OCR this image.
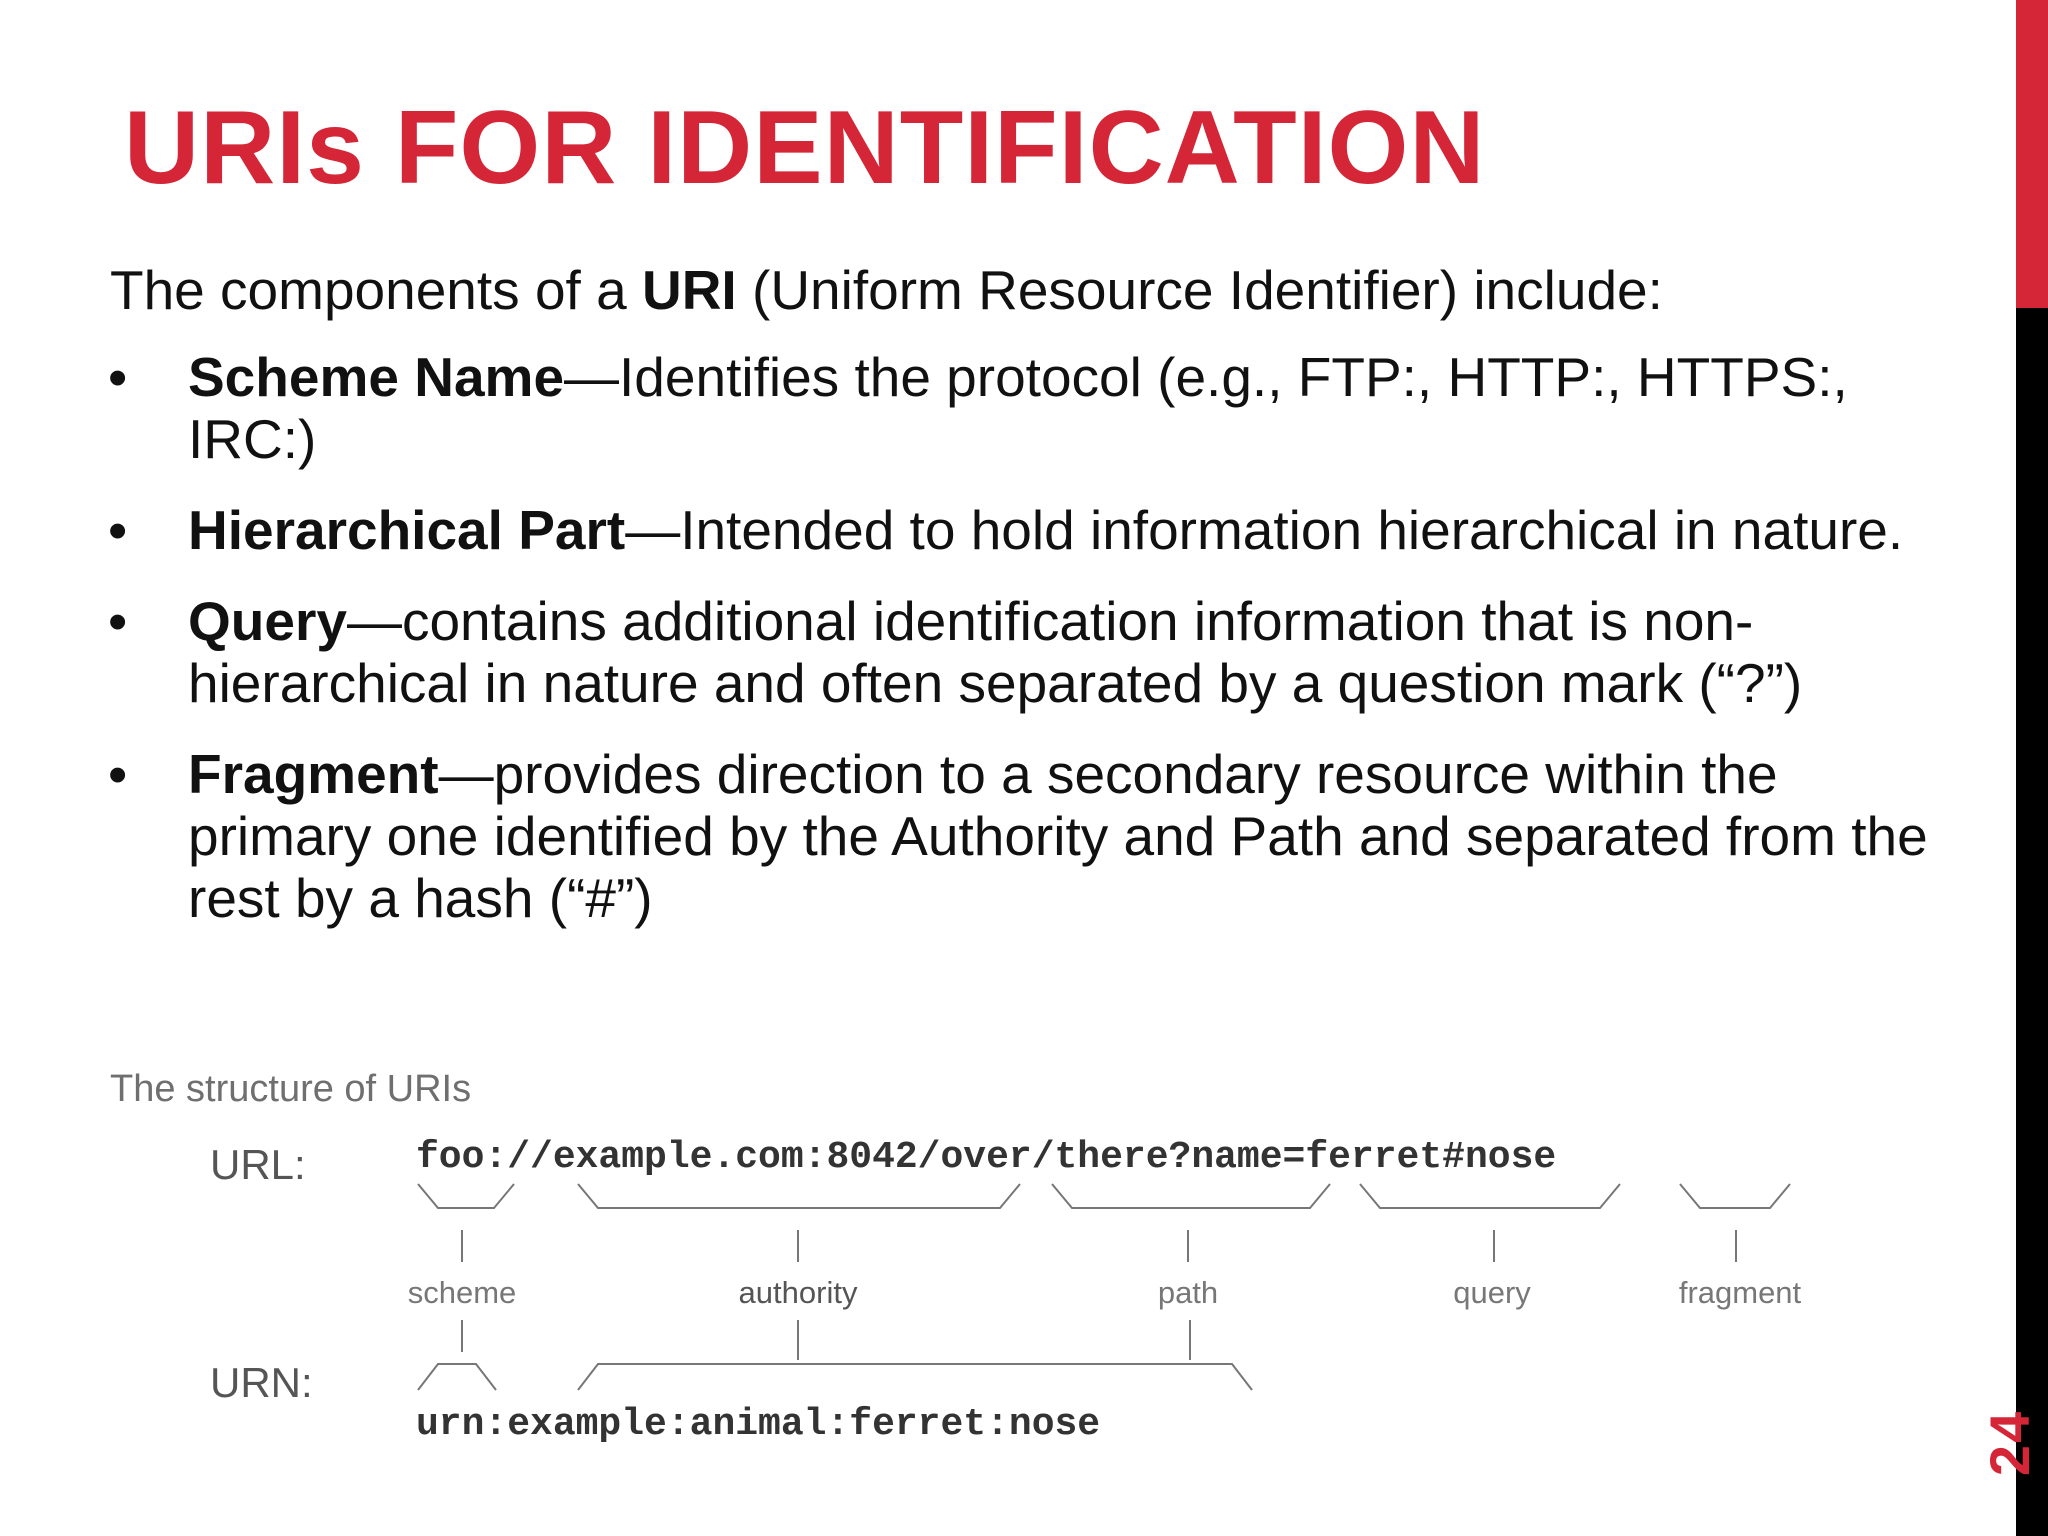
24
URIs FOR IDENTIFICATION
The components of a URI (Uniform Resource Identifier) include:
•	Scheme Name—Identifies the protocol (e.g., FTP:, HTTP:, HTTPS:, IRC:)
•	Hierarchical Part—Intended to hold information hierarchical in nature.
•	Query—contains additional identification information that is non-hierarchical in nature and often separated by a question mark (“?”)
•	Fragment—provides direction to a secondary resource within the primary one identified by the Authority and Path and separated from the rest by a hash (“#”)
The structure of URIs
URL:	foo://example.com:8042/over/there?name=ferret#nose
scheme	authority	path	query	fragment
URN:
urn:example:animal:ferret:nose
